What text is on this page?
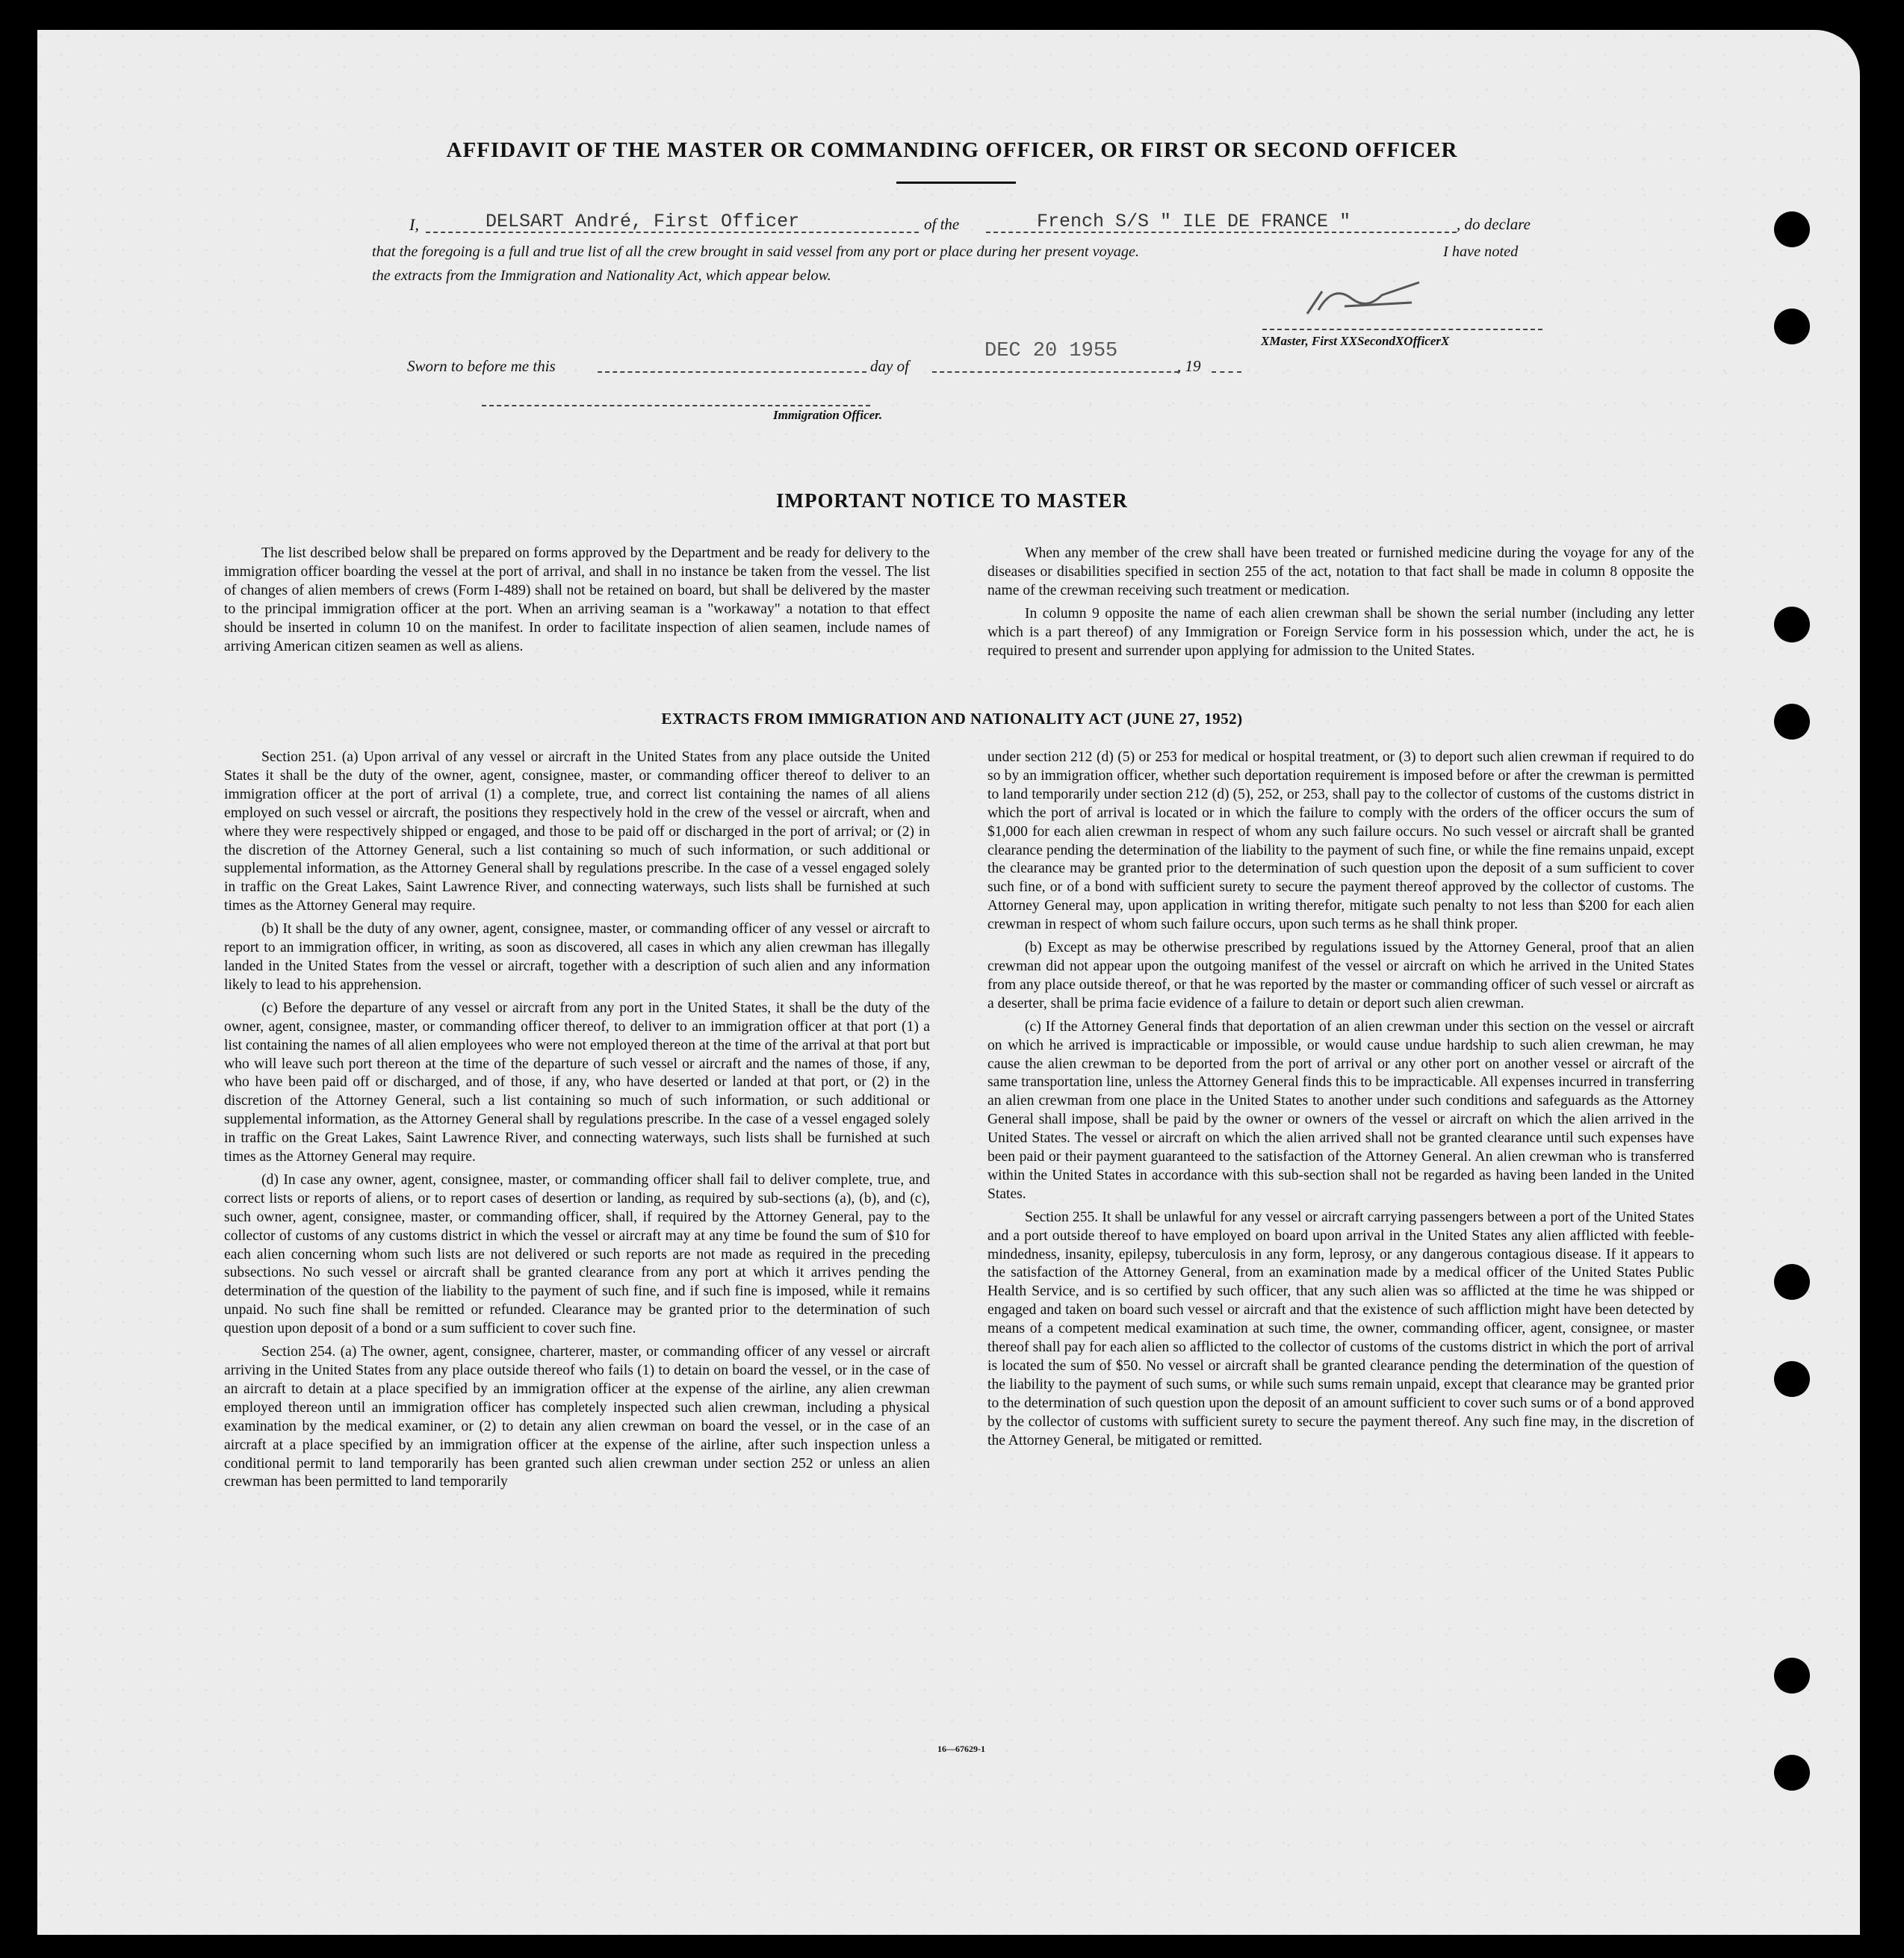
AFFIDAVIT OF THE MASTER OR COMMANDING OFFICER, OR FIRST OR SECOND OFFICER
I,	DELSART André, First Officer	of the	French S/S " ILE DE FRANCE "	, do declare
that the foregoing is a full and true list of all the crew brought in said vessel from any port or place during her present voyage.	I have noted
the extracts from the Immigration and Nationality Act, which appear below.
XMaster, First XXSecondXOfficerX
Sworn to before me this	day of
DEC 20 1955
, 19
Immigration Officer.
IMPORTANT NOTICE TO MASTER

The list described below shall be prepared on forms approved by the Department and be ready for delivery to the immigration officer boarding the vessel at the port of arrival, and shall in no instance be taken from the vessel. The list of changes of alien members of crews (Form I-489) shall not be retained on board, but shall be delivered by the master to the principal immigration officer at the port. When an arriving seaman is a "workaway" a notation to that effect should be inserted in column 10 on the manifest. In order to facilitate inspection of alien seamen, include names of arriving American citizen seamen as well as aliens.

When any member of the crew shall have been treated or furnished medicine during the voyage for any of the diseases or disabilities specified in section 255 of the act, notation to that fact shall be made in column 8 opposite the name of the crewman receiving such treatment or medication.

In column 9 opposite the name of each alien crewman shall be shown the serial number (including any letter which is a part thereof) of any Immigration or Foreign Service form in his possession which, under the act, he is required to present and surrender upon applying for admission to the United States.

EXTRACTS FROM IMMIGRATION AND NATIONALITY ACT (JUNE 27, 1952)

Section 251. (a) Upon arrival of any vessel or aircraft in the United States from any place outside the United States it shall be the duty of the owner, agent, consignee, master, or commanding officer thereof to deliver to an immigration officer at the port of arrival (1) a complete, true, and correct list containing the names of all aliens employed on such vessel or aircraft, the positions they respectively hold in the crew of the vessel or aircraft, when and where they were respectively shipped or engaged, and those to be paid off or discharged in the port of arrival; or (2) in the discretion of the Attorney General, such a list containing so much of such information, or such additional or supplemental information, as the Attorney General shall by regulations prescribe. In the case of a vessel engaged solely in traffic on the Great Lakes, Saint Lawrence River, and connecting waterways, such lists shall be furnished at such times as the Attorney General may require.

(b) It shall be the duty of any owner, agent, consignee, master, or commanding officer of any vessel or aircraft to report to an immigration officer, in writing, as soon as discovered, all cases in which any alien crewman has illegally landed in the United States from the vessel or aircraft, together with a description of such alien and any information likely to lead to his apprehension.

(c) Before the departure of any vessel or aircraft from any port in the United States, it shall be the duty of the owner, agent, consignee, master, or commanding officer thereof, to deliver to an immigration officer at that port (1) a list containing the names of all alien employees who were not employed thereon at the time of the arrival at that port but who will leave such port thereon at the time of the departure of such vessel or aircraft and the names of those, if any, who have been paid off or discharged, and of those, if any, who have deserted or landed at that port, or (2) in the discretion of the Attorney General, such a list containing so much of such information, or such additional or supplemental information, as the Attorney General shall by regulations prescribe. In the case of a vessel engaged solely in traffic on the Great Lakes, Saint Lawrence River, and connecting waterways, such lists shall be furnished at such times as the Attorney General may require.

(d) In case any owner, agent, consignee, master, or commanding officer shall fail to deliver complete, true, and correct lists or reports of aliens, or to report cases of desertion or landing, as required by sub-sections (a), (b), and (c), such owner, agent, consignee, master, or commanding officer, shall, if required by the Attorney General, pay to the collector of customs of any customs district in which the vessel or aircraft may at any time be found the sum of $10 for each alien concerning whom such lists are not delivered or such reports are not made as required in the preceding subsections. No such vessel or aircraft shall be granted clearance from any port at which it arrives pending the determination of the question of the liability to the payment of such fine, and if such fine is imposed, while it remains unpaid. No such fine shall be remitted or refunded. Clearance may be granted prior to the determination of such question upon deposit of a bond or a sum sufficient to cover such fine.

Section 254. (a) The owner, agent, consignee, charterer, master, or commanding officer of any vessel or aircraft arriving in the United States from any place outside thereof who fails (1) to detain on board the vessel, or in the case of an aircraft to detain at a place specified by an immigration officer at the expense of the airline, any alien crewman employed thereon until an immigration officer has completely inspected such alien crewman, including a physical examination by the medical examiner, or (2) to detain any alien crewman on board the vessel, or in the case of an aircraft at a place specified by an immigration officer at the expense of the airline, after such inspection unless a conditional permit to land temporarily has been granted such alien crewman under section 252 or unless an alien crewman has been permitted to land temporarily

under section 212 (d) (5) or 253 for medical or hospital treatment, or (3) to deport such alien crewman if required to do so by an immigration officer, whether such deportation requirement is imposed before or after the crewman is permitted to land temporarily under section 212 (d) (5), 252, or 253, shall pay to the collector of customs of the customs district in which the port of arrival is located or in which the failure to comply with the orders of the officer occurs the sum of $1,000 for each alien crewman in respect of whom any such failure occurs. No such vessel or aircraft shall be granted clearance pending the determination of the liability to the payment of such fine, or while the fine remains unpaid, except the clearance may be granted prior to the determination of such question upon the deposit of a sum sufficient to cover such fine, or of a bond with sufficient surety to secure the payment thereof approved by the collector of customs. The Attorney General may, upon application in writing therefor, mitigate such penalty to not less than $200 for each alien crewman in respect of whom such failure occurs, upon such terms as he shall think proper.

(b) Except as may be otherwise prescribed by regulations issued by the Attorney General, proof that an alien crewman did not appear upon the outgoing manifest of the vessel or aircraft on which he arrived in the United States from any place outside thereof, or that he was reported by the master or commanding officer of such vessel or aircraft as a deserter, shall be prima facie evidence of a failure to detain or deport such alien crewman.

(c) If the Attorney General finds that deportation of an alien crewman under this section on the vessel or aircraft on which he arrived is impracticable or impossible, or would cause undue hardship to such alien crewman, he may cause the alien crewman to be deported from the port of arrival or any other port on another vessel or aircraft of the same transportation line, unless the Attorney General finds this to be impracticable. All expenses incurred in transferring an alien crewman from one place in the United States to another under such conditions and safeguards as the Attorney General shall impose, shall be paid by the owner or owners of the vessel or aircraft on which the alien arrived in the United States. The vessel or aircraft on which the alien arrived shall not be granted clearance until such expenses have been paid or their payment guaranteed to the satisfaction of the Attorney General. An alien crewman who is transferred within the United States in accordance with this sub-section shall not be regarded as having been landed in the United States.

Section 255. It shall be unlawful for any vessel or aircraft carrying passengers between a port of the United States and a port outside thereof to have employed on board upon arrival in the United States any alien afflicted with feeble-mindedness, insanity, epilepsy, tuberculosis in any form, leprosy, or any dangerous contagious disease. If it appears to the satisfaction of the Attorney General, from an examination made by a medical officer of the United States Public Health Service, and is so certified by such officer, that any such alien was so afflicted at the time he was shipped or engaged and taken on board such vessel or aircraft and that the existence of such affliction might have been detected by means of a competent medical examination at such time, the owner, commanding officer, agent, consignee, or master thereof shall pay for each alien so afflicted to the collector of customs of the customs district in which the port of arrival is located the sum of $50. No vessel or aircraft shall be granted clearance pending the determination of the question of the liability to the payment of such sums, or while such sums remain unpaid, except that clearance may be granted prior to the determination of such question upon the deposit of an amount sufficient to cover such sums or of a bond approved by the collector of customs with sufficient surety to secure the payment thereof. Any such fine may, in the discretion of the Attorney General, be mitigated or remitted.

16—67629-1
